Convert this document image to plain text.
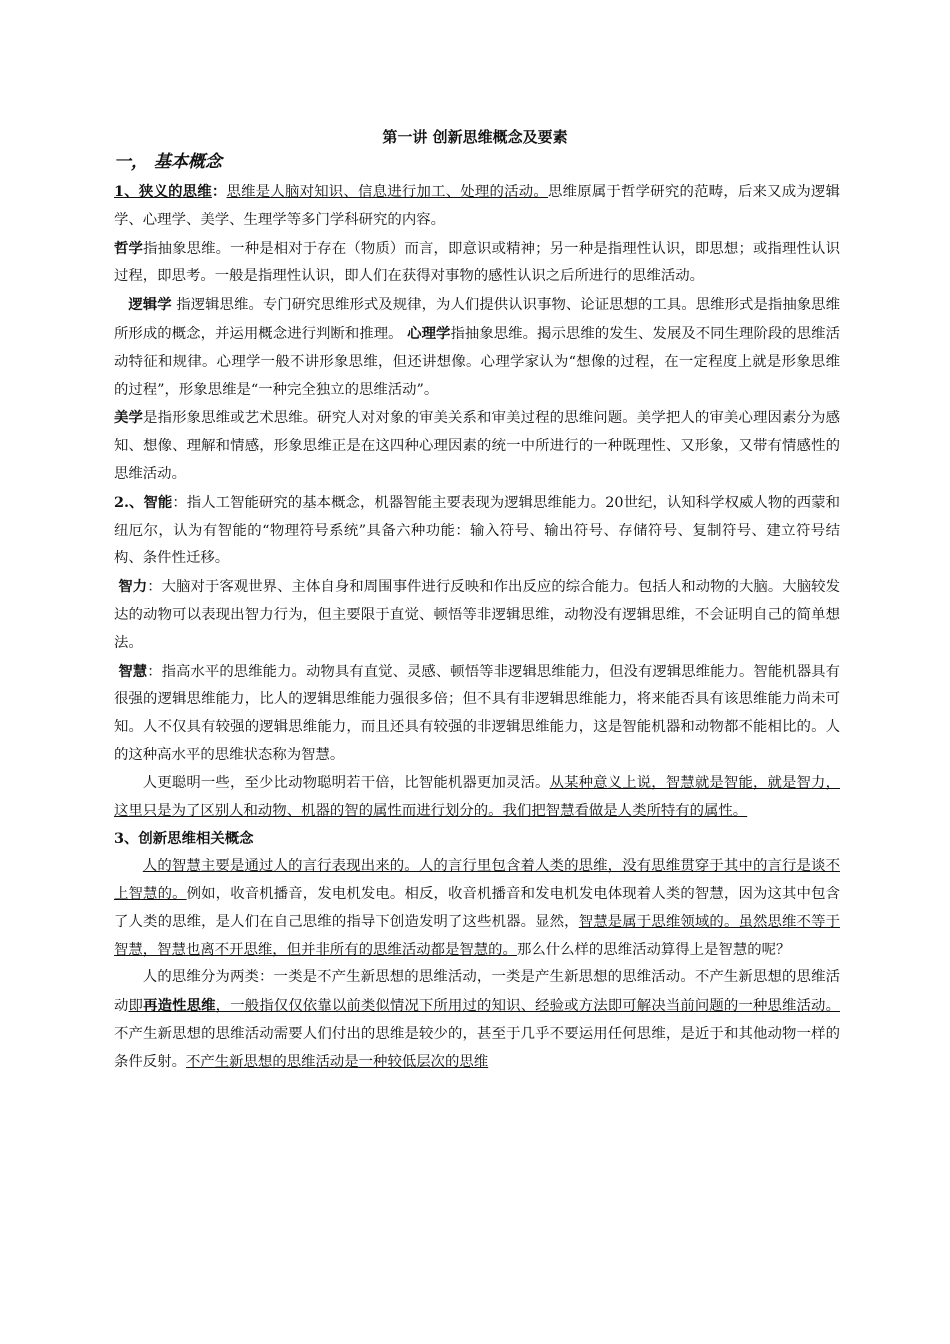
第一讲 创新思维概念及要素
一， 基本概念

1、狭义的思维：思维是人脑对知识、信息进行加工、处理的活动。思维原属于哲学研究的范畴，后来又成为逻辑学、心理学、美学、生理学等多门学科研究的内容。

哲学指抽象思维。一种是相对于存在（物质）而言，即意识或精神；另一种是指理性认识，即思想；或指理性认识过程，即思考。一般是指理性认识，即人们在获得对事物的感性认识之后所进行的思维活动。

逻辑学 指逻辑思维。专门研究思维形式及规律，为人们提供认识事物、论证思想的工具。思维形式是指抽象思维所形成的概念，并运用概念进行判断和推理。 心理学指抽象思维。揭示思维的发生、发展及不同生理阶段的思维活动特征和规律。心理学一般不讲形象思维，但还讲想像。心理学家认为“想像的过程，在一定程度上就是形象思维的过程”，形象思维是“一种完全独立的思维活动”。

美学是指形象思维或艺术思维。研究人对对象的审美关系和审美过程的思维问题。美学把人的审美心理因素分为感知、想像、理解和情感，形象思维正是在这四种心理因素的统一中所进行的一种既理性、又形象，又带有情感性的思维活动。

2.、智能：指人工智能研究的基本概念，机器智能主要表现为逻辑思维能力。20世纪，认知科学权威人物的西蒙和纽厄尔，认为有智能的“物理符号系统”具备六种功能：输入符号、输出符号、存储符号、复制符号、建立符号结构、条件性迁移。

智力：大脑对于客观世界、主体自身和周围事件进行反映和作出反应的综合能力。包括人和动物的大脑。大脑较发达的动物可以表现出智力行为，但主要限于直觉、顿悟等非逻辑思维，动物没有逻辑思维，不会证明自己的简单想法。

智慧：指高水平的思维能力。动物具有直觉、灵感、顿悟等非逻辑思维能力，但没有逻辑思维能力。智能机器具有很强的逻辑思维能力，比人的逻辑思维能力强很多倍；但不具有非逻辑思维能力，将来能否具有该思维能力尚未可知。人不仅具有较强的逻辑思维能力，而且还具有较强的非逻辑思维能力，这是智能机器和动物都不能相比的。人的这种高水平的思维状态称为智慧。

人更聪明一些，至少比动物聪明若干倍，比智能机器更加灵活。从某种意义上说，智慧就是智能，就是智力，这里只是为了区别人和动物、机器的智的属性而进行划分的。我们把智慧看做是人类所特有的属性。

3、创新思维相关概念

人的智慧主要是通过人的言行表现出来的。人的言行里包含着人类的思维，没有思维贯穿于其中的言行是谈不上智慧的。例如，收音机播音，发电机发电。相反，收音机播音和发电机发电体现着人类的智慧，因为这其中包含了人类的思维，是人们在自己思维的指导下创造发明了这些机器。显然，智慧是属于思维领域的。虽然思维不等于智慧，智慧也离不开思维，但并非所有的思维活动都是智慧的。那么什么样的思维活动算得上是智慧的呢？

人的思维分为两类：一类是不产生新思想的思维活动，一类是产生新思想的思维活动。不产生新思想的思维活动即再造性思维，一般指仅仅依靠以前类似情况下所用过的知识、经验或方法即可解决当前问题的一种思维活动。不产生新思想的思维活动需要人们付出的思维是较少的，甚至于几乎不要运用任何思维，是近于和其他动物一样的条件反射。不产生新思想的思维活动是一种较低层次的思维
